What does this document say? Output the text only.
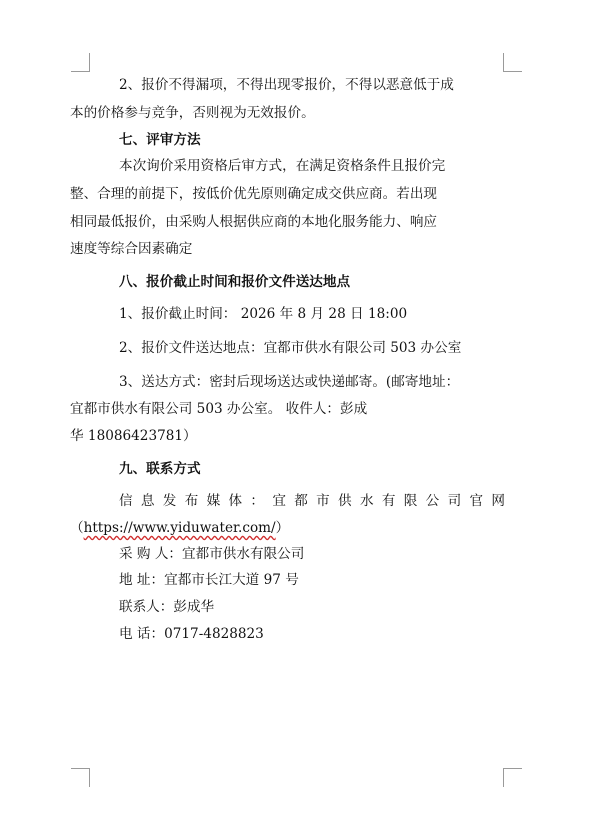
2、报价不得漏项，不得出现零报价，不得以恶意低于成
本的价格参与竞争，否则视为无效报价。
七、评审方法
本次询价采用资格后审方式，在满足资格条件且报价完
整、合理的前提下，按低价优先原则确定成交供应商。若出现
相同最低报价，由采购人根据供应商的本地化服务能力、响应
速度等综合因素确定
八、报价截止时间和报价文件送达地点
1、报价截止时间： 2026 年 8 月 28 日 18:00
2、报价文件送达地点：宜都市供水有限公司 503 办公室
3、送达方式：密封后现场送达或快递邮寄。(邮寄地址：
宜都市供水有限公司 503 办公室。 收件人：彭成
华 18086423781）
九、联系方式
信息发布媒体：宜都市供水有限公司官网
（https://www.yiduwater.com/）
采 购 人：宜都市供水有限公司
地 址：宜都市长江大道 97 号
联系人：彭成华
电 话：0717-4828823
